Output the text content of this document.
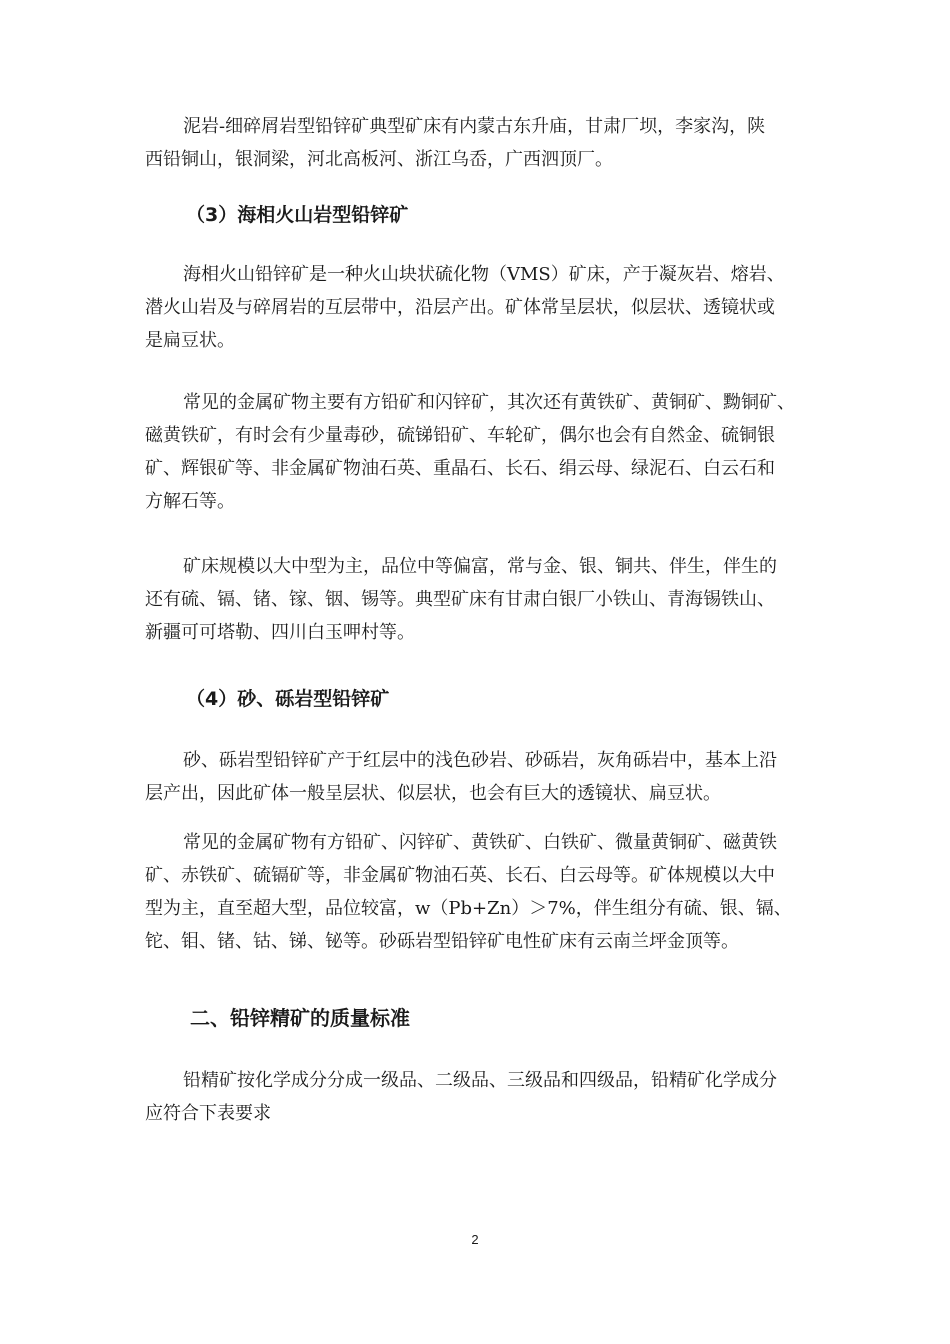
泥岩-细碎屑岩型铅锌矿典型矿床有内蒙古东升庙，甘肃厂坝，李家沟，陕
西铅铜山，银洞梁，河北高板河、浙江乌岙，广西泗顶厂。

（3）海相火山岩型铅锌矿

海相火山铅锌矿是一种火山块状硫化物（VMS）矿床，产于凝灰岩、熔岩、
潜火山岩及与碎屑岩的互层带中，沿层产出。矿体常呈层状，似层状、透镜状或
是扁豆状。

常见的金属矿物主要有方铅矿和闪锌矿，其次还有黄铁矿、黄铜矿、黝铜矿、
磁黄铁矿，有时会有少量毒砂，硫锑铅矿、车轮矿，偶尔也会有自然金、硫铜银
矿、辉银矿等、非金属矿物油石英、重晶石、长石、绢云母、绿泥石、白云石和
方解石等。

矿床规模以大中型为主，品位中等偏富，常与金、银、铜共、伴生，伴生的
还有硫、镉、锗、镓、铟、锡等。典型矿床有甘肃白银厂小铁山、青海锡铁山、
新疆可可塔勒、四川白玉呷村等。

（4）砂、砾岩型铅锌矿

砂、砾岩型铅锌矿产于红层中的浅色砂岩、砂砾岩，灰角砾岩中，基本上沿
层产出，因此矿体一般呈层状、似层状，也会有巨大的透镜状、扁豆状。

常见的金属矿物有方铅矿、闪锌矿、黄铁矿、白铁矿、微量黄铜矿、磁黄铁
矿、赤铁矿、硫镉矿等，非金属矿物油石英、长石、白云母等。矿体规模以大中
型为主，直至超大型，品位较富，w（Pb+Zn）＞7%，伴生组分有硫、银、镉、
铊、钼、锗、钴、锑、铋等。砂砾岩型铅锌矿电性矿床有云南兰坪金顶等。

二、铅锌精矿的质量标准

铅精矿按化学成分分成一级品、二级品、三级品和四级品，铅精矿化学成分
应符合下表要求

2
